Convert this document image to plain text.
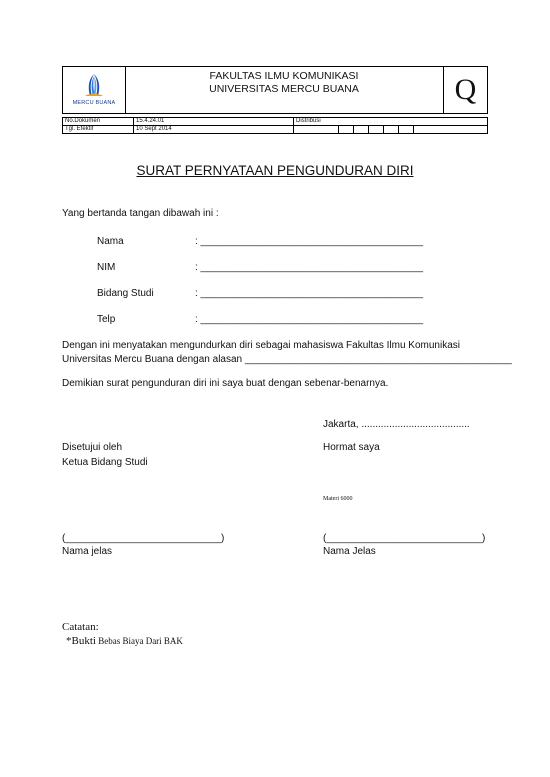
MERCU BUANA
FAKULTAS ILMU KOMUNIKASI
UNIVERSITAS MERCU BUANA	Q
No.Dokumen	15.4.24.01	Distribusi						
Tgl. Efektif	10 Sept 2014							
SURAT PERNYATAAN PENGUNDURAN DIRI
Yang bertanda tangan dibawah ini :
Nama	: ________________________________________
NIM	: ________________________________________
Bidang Studi	: ________________________________________
Telp	: ________________________________________
Dengan ini menyatakan mengundurkan diri sebagai mahasiswa Fakultas Ilmu Komunikasi
Universitas Mercu Buana dengan alasan ________________________________________________
Demikian surat pengunduran diri ini saya buat dengan sebenar-benarnya.
Jakarta, .......................................
Disetujui oleh
Ketua Bidang Studi
Hormat saya
Materi 6000
(____________________________)
Nama jelas
(____________________________)
Nama Jelas
Catatan:
*Bukti Bebas Biaya Dari BAK
